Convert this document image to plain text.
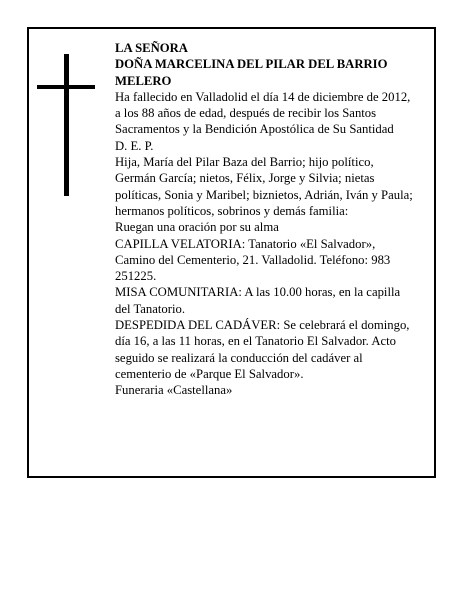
LA SEÑORA

DOÑA MARCELINA DEL PILAR DEL BARRIO MELERO

Ha fallecido en Valladolid el día 14 de diciembre de 2012, a los 88 años de edad, después de recibir los Santos Sacramentos y la Bendición Apostólica de Su Santidad

D. E. P.

Hija, María del Pilar Baza del Barrio; hijo político, Germán García; nietos, Félix, Jorge y Silvia; nietas políticas, Sonia y Maribel; biznietos, Adrián, Iván y Paula; hermanos políticos, sobrinos y demás familia:

Ruegan una oración por su alma

CAPILLA VELATORIA: Tanatorio «El Salvador», Camino del Cementerio, 21. Valladolid. Teléfono: 983 251225.

MISA COMUNITARIA: A las 10.00 horas, en la capilla del Tanatorio.

DESPEDIDA DEL CADÁVER: Se celebrará el domingo, día 16, a las 11 horas, en el Tanatorio El Salvador. Acto seguido se realizará la conducción del cadáver al cementerio de «Parque El Salvador».

Funeraria «Castellana»
